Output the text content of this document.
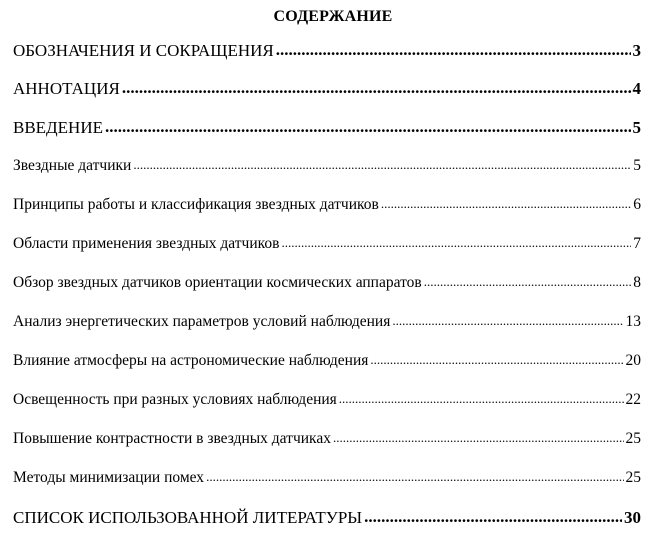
СОДЕРЖАНИЕ
ОБОЗНАЧЕНИЯ И СОКРАЩЕНИЯ .....	3
АННОТАЦИЯ .....	4
ВВЕДЕНИЕ .....	5
Звездные датчики .....	5
Принципы работы и классификация звездных датчиков .....	6
Области применения звездных датчиков .....	7
Обзор звездных датчиков ориентации космических аппаратов .....	8
Анализ энергетических параметров условий наблюдения .....	13
Влияние атмосферы на астрономические наблюдения .....	20
Освещенность при разных условиях наблюдения .....	22
Повышение контрастности в звездных датчиках .....	25
Методы минимизации помех .....	25
СПИСОК ИСПОЛЬЗОВАННОЙ ЛИТЕРАТУРЫ .....	30
